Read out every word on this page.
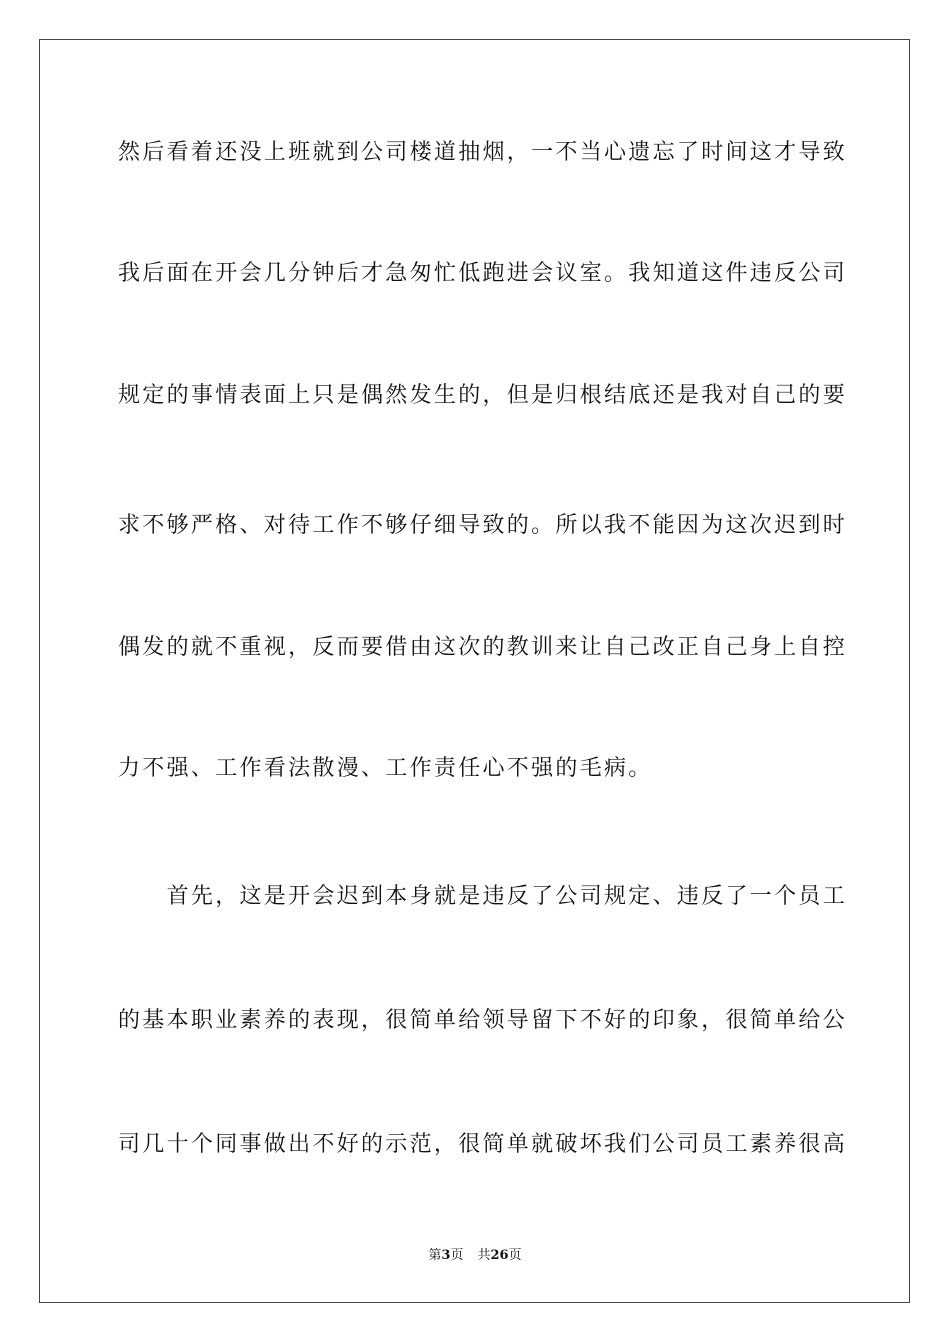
然后看着还没上班就到公司楼道抽烟，一不当心遗忘了时间这才导致
我后面在开会几分钟后才急匆忙低跑进会议室。我知道这件违反公司
规定的事情表面上只是偶然发生的，但是归根结底还是我对自己的要
求不够严格、对待工作不够仔细导致的。所以我不能因为这次迟到时
偶发的就不重视，反而要借由这次的教训来让自己改正自己身上自控
力不强、工作看法散漫、工作责任心不强的毛病。
　　首先，这是开会迟到本身就是违反了公司规定、违反了一个员工
的基本职业素养的表现，很简单给领导留下不好的印象，很简单给公
司几十个同事做出不好的示范，很简单就破坏我们公司员工素养很高
第3页 共26页
